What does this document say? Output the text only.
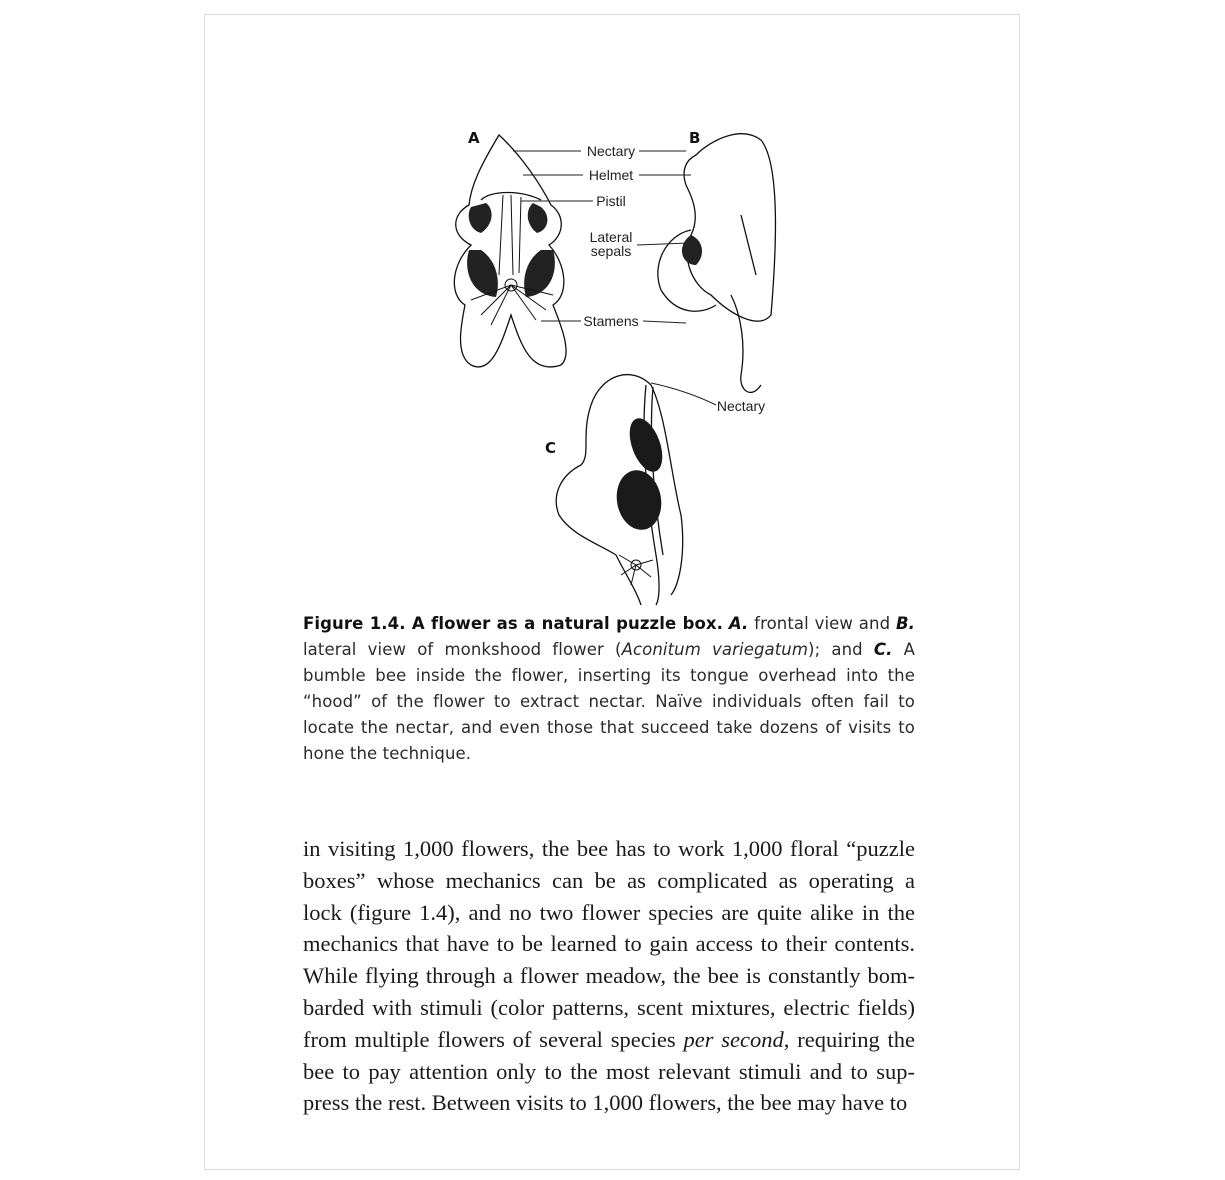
A	B
C
Nectary
Helmet
Pistil
Lateral
sepals
Stamens
Nectary

Figure 1.4. A flower as a natural puzzle box. A. frontal view and B. lateral view of monkshood flower (Aconitum variegatum); and C. A bumble bee inside the flower, inserting its tongue overhead into the “hood” of the flower to extract nectar. Naïve individuals often fail to locate the nectar, and even those that succeed take dozens of visits to hone the technique.

in visiting 1,000 flowers, the bee has to work 1,000 floral “puzzle
boxes” whose mechanics can be as complicated as operating a
lock (figure 1.4), and no two flower species are quite alike in the
mechanics that have to be learned to gain access to their contents.
While flying through a flower meadow, the bee is constantly bom-
barded with stimuli (color patterns, scent mixtures, electric fields)
from multiple flowers of several species per second, requiring the
bee to pay attention only to the most relevant stimuli and to sup-
press the rest. Between visits to 1,000 flowers, the bee may have to
